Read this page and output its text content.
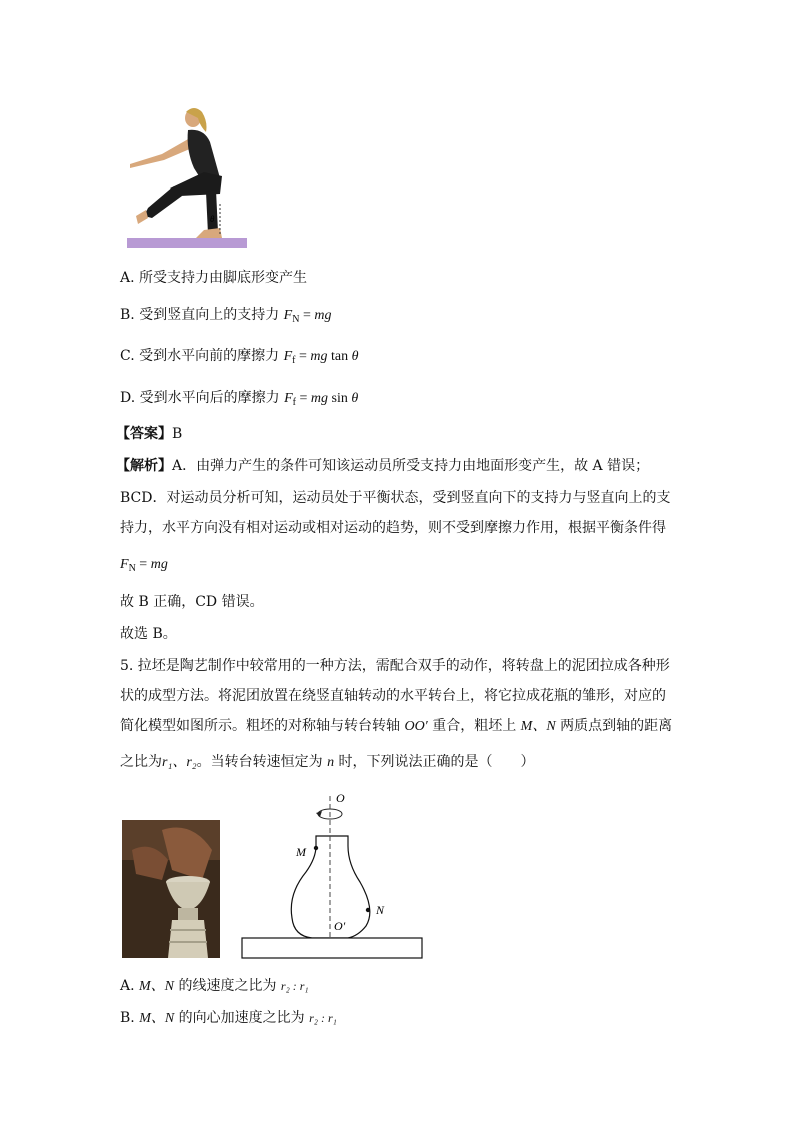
θ
A. 所受支持力由脚底形变产生
B. 受到竖直向上的支持力 $F_N$ = mg
C. 受到水平向前的摩擦力 $F_f$ = mg tan θ
D. 受到水平向后的摩擦力 $F_f$ = mg sin θ
【答案】B
【解析】A．由弹力产生的条件可知该运动员所受支持力由地面形变产生，故 A 错误；
BCD．对运动员分析可知，运动员处于平衡状态，受到竖直向下的支持力与竖直向上的支
持力，水平方向没有相对运动或相对运动的趋势，则不受到摩擦力作用，根据平衡条件得
$F_N$ = mg
故 B 正确，CD 错误。
故选 B。
5. 拉坯是陶艺制作中较常用的一种方法，需配合双手的动作，将转盘上的泥团拉成各种形
状的成型方法。将泥团放置在绕竖直轴转动的水平转台上，将它拉成花瓶的雏形，对应的
简化模型如图所示。粗坯的对称轴与转台转轴 OO′ 重合，粗坯上 M、N 两质点到轴的距离
之比为r₁、r₂。当转台转速恒定为 n 时，下列说法正确的是（　　）
O
M
N
O′
A. M、N 的线速度之比为 r₂ : r₁
B. M、N 的向心加速度之比为 r₂ : r₁
